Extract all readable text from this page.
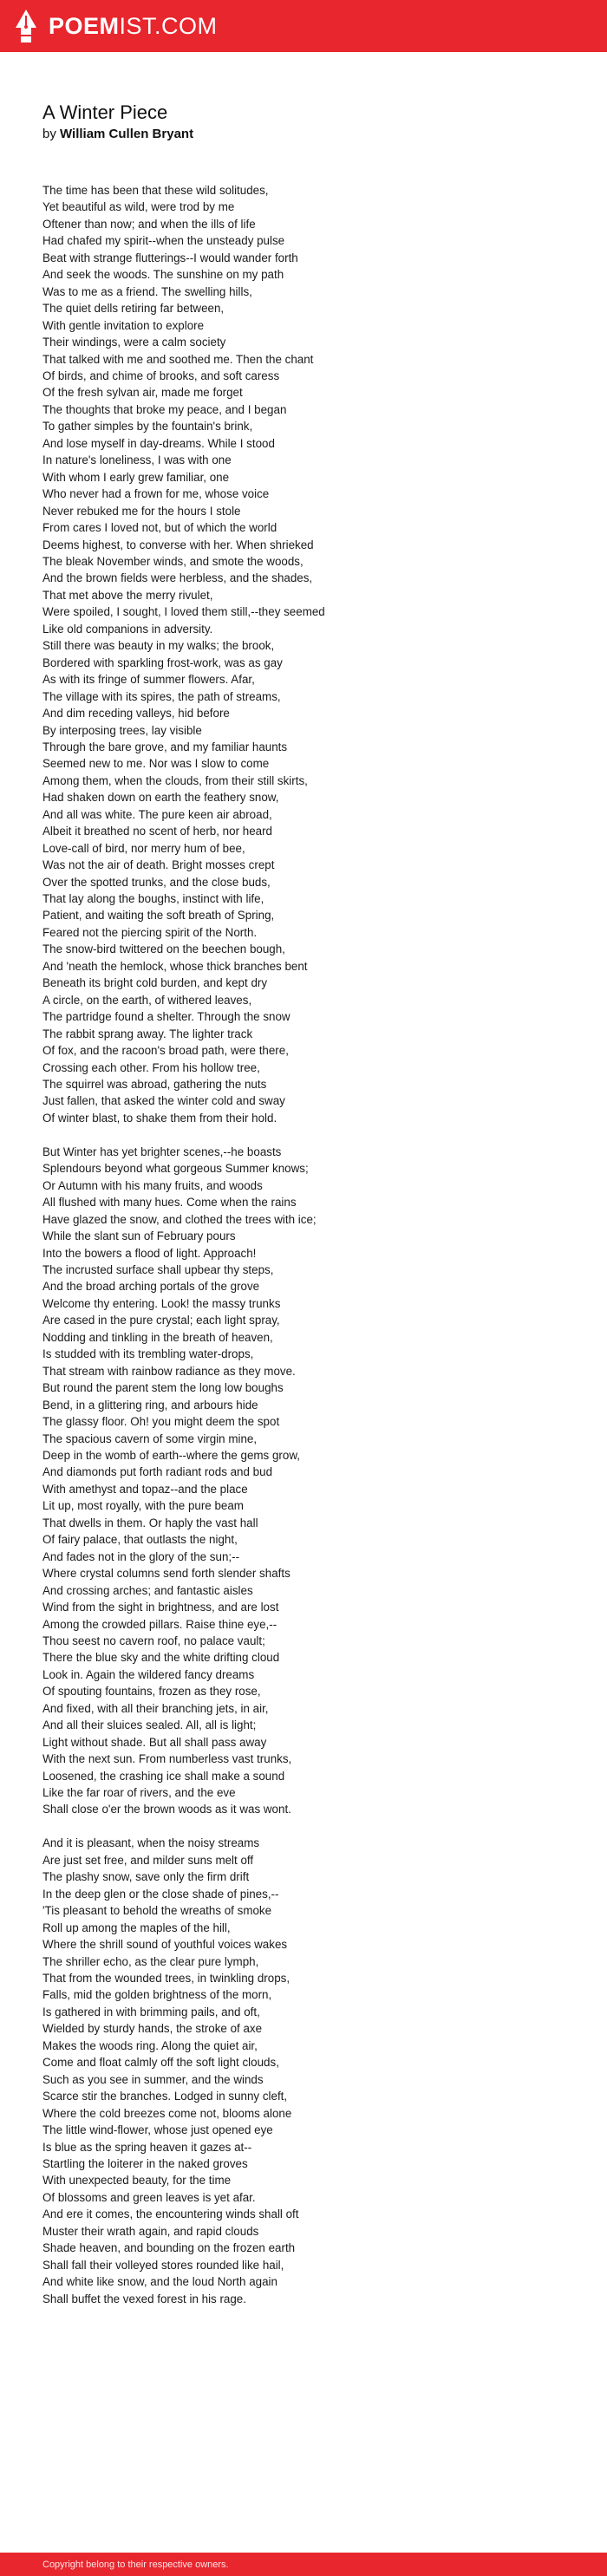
POEMIST.COM
A Winter Piece

by William Cullen Bryant

The time has been that these wild solitudes,
Yet beautiful as wild, were trod by me
Oftener than now; and when the ills of life
Had chafed my spirit--when the unsteady pulse
Beat with strange flutterings--I would wander forth
And seek the woods. The sunshine on my path
Was to me as a friend. The swelling hills,
The quiet dells retiring far between,
With gentle invitation to explore
Their windings, were a calm society
That talked with me and soothed me. Then the chant
Of birds, and chime of brooks, and soft caress
Of the fresh sylvan air, made me forget
The thoughts that broke my peace, and I began
To gather simples by the fountain's brink,
And lose myself in day-dreams. While I stood
In nature's loneliness, I was with one
With whom I early grew familiar, one
Who never had a frown for me, whose voice
Never rebuked me for the hours I stole
From cares I loved not, but of which the world
Deems highest, to converse with her. When shrieked
The bleak November winds, and smote the woods,
And the brown fields were herbless, and the shades,
That met above the merry rivulet,
Were spoiled, I sought, I loved them still,--they seemed
Like old companions in adversity.
Still there was beauty in my walks; the brook,
Bordered with sparkling frost-work, was as gay
As with its fringe of summer flowers. Afar,
The village with its spires, the path of streams,
And dim receding valleys, hid before
By interposing trees, lay visible
Through the bare grove, and my familiar haunts
Seemed new to me. Nor was I slow to come
Among them, when the clouds, from their still skirts,
Had shaken down on earth the feathery snow,
And all was white. The pure keen air abroad,
Albeit it breathed no scent of herb, nor heard
Love-call of bird, nor merry hum of bee,
Was not the air of death. Bright mosses crept
Over the spotted trunks, and the close buds,
That lay along the boughs, instinct with life,
Patient, and waiting the soft breath of Spring,
Feared not the piercing spirit of the North.
The snow-bird twittered on the beechen bough,
And 'neath the hemlock, whose thick branches bent
Beneath its bright cold burden, and kept dry
A circle, on the earth, of withered leaves,
The partridge found a shelter. Through the snow
The rabbit sprang away. The lighter track
Of fox, and the racoon's broad path, were there,
Crossing each other. From his hollow tree,
The squirrel was abroad, gathering the nuts
Just fallen, that asked the winter cold and sway
Of winter blast, to shake them from their hold.
But Winter has yet brighter scenes,--he boasts
Splendours beyond what gorgeous Summer knows;
Or Autumn with his many fruits, and woods
All flushed with many hues. Come when the rains
Have glazed the snow, and clothed the trees with ice;
While the slant sun of February pours
Into the bowers a flood of light. Approach!
The incrusted surface shall upbear thy steps,
And the broad arching portals of the grove
Welcome thy entering. Look! the massy trunks
Are cased in the pure crystal; each light spray,
Nodding and tinkling in the breath of heaven,
Is studded with its trembling water-drops,
That stream with rainbow radiance as they move.
But round the parent stem the long low boughs
Bend, in a glittering ring, and arbours hide
The glassy floor. Oh! you might deem the spot
The spacious cavern of some virgin mine,
Deep in the womb of earth--where the gems grow,
And diamonds put forth radiant rods and bud
With amethyst and topaz--and the place
Lit up, most royally, with the pure beam
That dwells in them. Or haply the vast hall
Of fairy palace, that outlasts the night,
And fades not in the glory of the sun;--
Where crystal columns send forth slender shafts
And crossing arches; and fantastic aisles
Wind from the sight in brightness, and are lost
Among the crowded pillars. Raise thine eye,--
Thou seest no cavern roof, no palace vault;
There the blue sky and the white drifting cloud
Look in. Again the wildered fancy dreams
Of spouting fountains, frozen as they rose,
And fixed, with all their branching jets, in air,
And all their sluices sealed. All, all is light;
Light without shade. But all shall pass away
With the next sun. From numberless vast trunks,
Loosened, the crashing ice shall make a sound
Like the far roar of rivers, and the eve
Shall close o'er the brown woods as it was wont.
And it is pleasant, when the noisy streams
Are just set free, and milder suns melt off
The plashy snow, save only the firm drift
In the deep glen or the close shade of pines,--
'Tis pleasant to behold the wreaths of smoke
Roll up among the maples of the hill,
Where the shrill sound of youthful voices wakes
The shriller echo, as the clear pure lymph,
That from the wounded trees, in twinkling drops,
Falls, mid the golden brightness of the morn,
Is gathered in with brimming pails, and oft,
Wielded by sturdy hands, the stroke of axe
Makes the woods ring. Along the quiet air,
Come and float calmly off the soft light clouds,
Such as you see in summer, and the winds
Scarce stir the branches. Lodged in sunny cleft,
Where the cold breezes come not, blooms alone
The little wind-flower, whose just opened eye
Is blue as the spring heaven it gazes at--
Startling the loiterer in the naked groves
With unexpected beauty, for the time
Of blossoms and green leaves is yet afar.
And ere it comes, the encountering winds shall oft
Muster their wrath again, and rapid clouds
Shade heaven, and bounding on the frozen earth
Shall fall their volleyed stores rounded like hail,
And white like snow, and the loud North again
Shall buffet the vexed forest in his rage.
Copyright belong to their respective owners.
